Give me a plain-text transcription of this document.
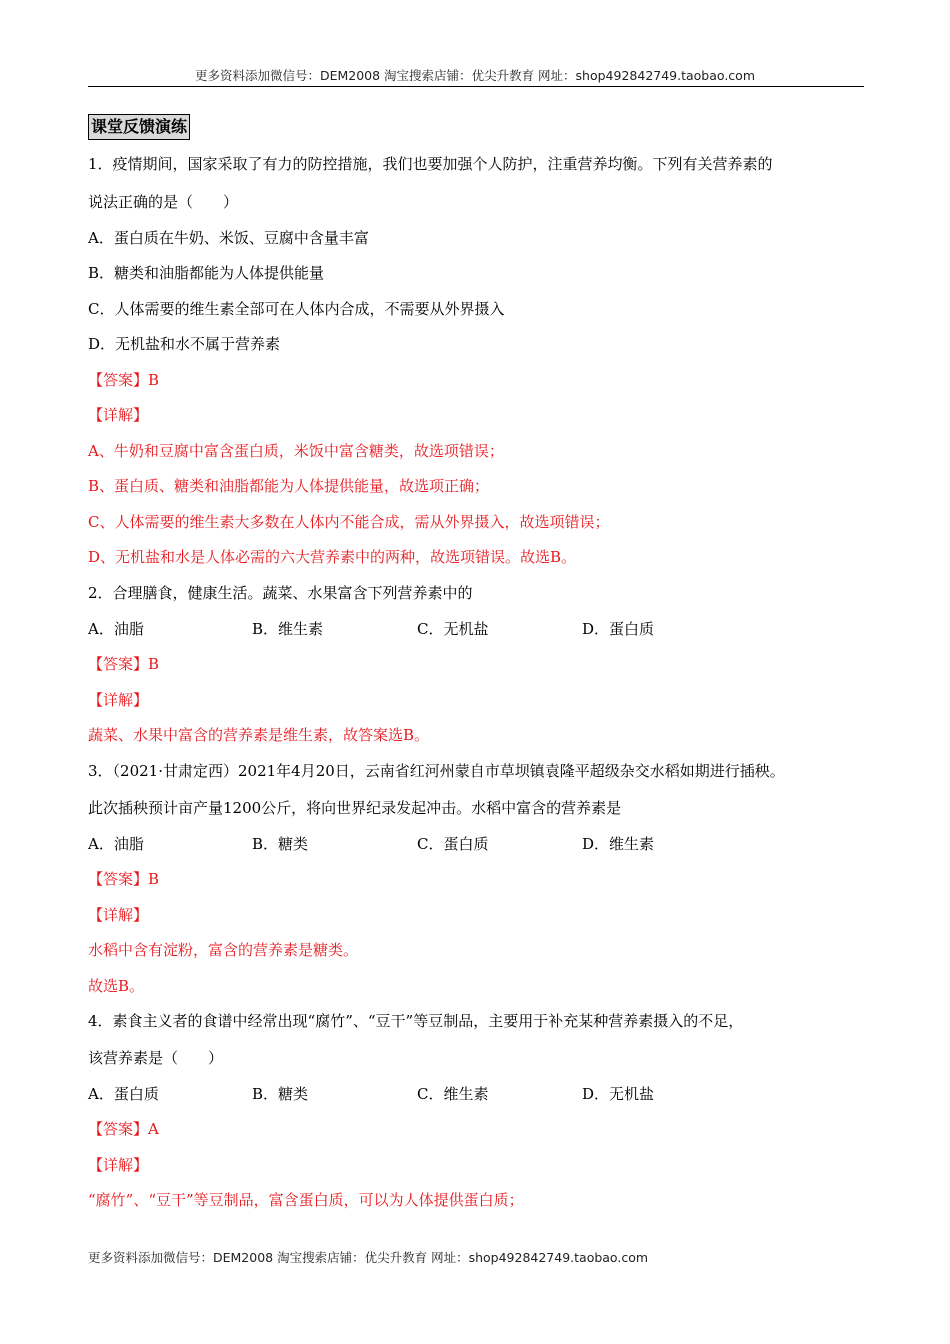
更多资料添加微信号：DEM2008 淘宝搜索店铺：优尖升教育 网址：shop492842749.taobao.com
课堂反馈演练
1．疫情期间，国家采取了有力的防控措施，我们也要加强个人防护，注重营养均衡。下列有关营养素的
说法正确的是（　　）
A．蛋白质在牛奶、米饭、豆腐中含量丰富
B．糖类和油脂都能为人体提供能量
C．人体需要的维生素全部可在人体内合成，不需要从外界摄入
D．无机盐和水不属于营养素
【答案】B
【详解】
A、牛奶和豆腐中富含蛋白质，米饭中富含糖类，故选项错误；
B、蛋白质、糖类和油脂都能为人体提供能量，故选项正确；
C、人体需要的维生素大多数在人体内不能合成，需从外界摄入，故选项错误；
D、无机盐和水是人体必需的六大营养素中的两种，故选项错误。故选B。
2．合理膳食，健康生活。蔬菜、水果富含下列营养素中的
A．油脂	B．维生素	C．无机盐	D．蛋白质
【答案】B
【详解】
蔬菜、水果中富含的营养素是维生素，故答案选B。
3．（2021·甘肃定西）2021年4月20日，云南省红河州蒙自市草坝镇袁隆平超级杂交水稻如期进行插秧。
此次插秧预计亩产量1200公斤，将向世界纪录发起冲击。水稻中富含的营养素是
A．油脂	B．糖类	C．蛋白质	D．维生素
【答案】B
【详解】
水稻中含有淀粉，富含的营养素是糖类。
故选B。
4．素食主义者的食谱中经常出现“腐竹”、“豆干”等豆制品，主要用于补充某种营养素摄入的不足，
该营养素是（　　）
A．蛋白质	B．糖类	C．维生素	D．无机盐
【答案】A
【详解】
“腐竹”、“豆干”等豆制品，富含蛋白质，可以为人体提供蛋白质；
更多资料添加微信号：DEM2008 淘宝搜索店铺：优尖升教育 网址：shop492842749.taobao.com
